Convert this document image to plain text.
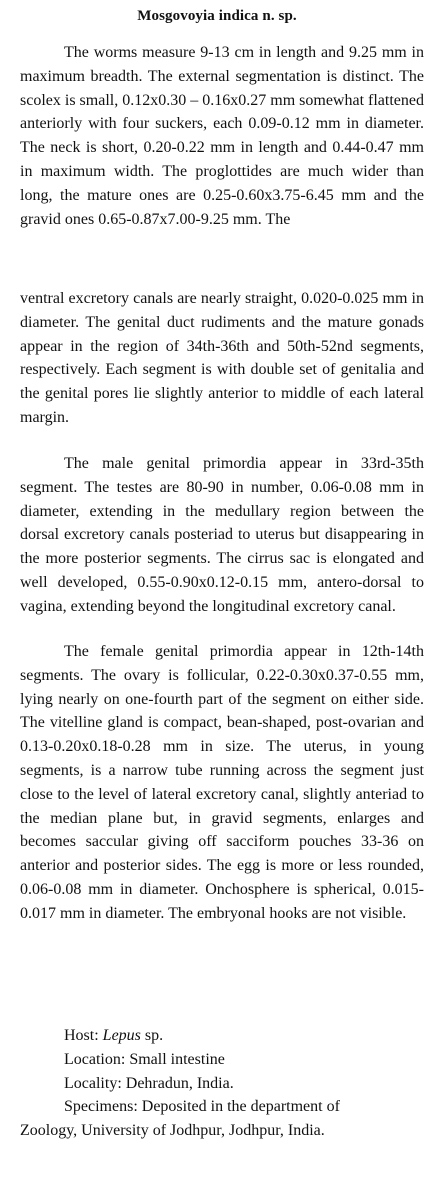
Mosgovoyia indica n. sp.

The worms measure 9-13 cm in length and 9.25 mm in maximum breadth. The external segmentation is distinct. The scolex is small, 0.12x0.30 – 0.16x0.27 mm somewhat flattened anteriorly with four suckers, each 0.09-0.12 mm in diameter. The neck is short, 0.20-0.22 mm in length and 0.44-0.47 mm in maximum width. The proglottides are much wider than long, the mature ones are 0.25-0.60x3.75-6.45 mm and the gravid ones 0.65-0.87x7.00-9.25 mm. The

ventral excretory canals are nearly straight, 0.020-0.025 mm in diameter. The genital duct rudiments and the mature gonads appear in the region of 34th-36th and 50th-52nd segments, respectively. Each segment is with double set of genitalia and the genital pores lie slightly anterior to middle of each lateral margin.

The male genital primordia appear in 33rd-35th segment. The testes are 80-90 in number, 0.06-0.08 mm in diameter, extending in the medullary region between the dorsal excretory canals posteriad to uterus but disappearing in the more posterior segments. The cirrus sac is elongated and well developed, 0.55-0.90x0.12-0.15 mm, antero-dorsal to vagina, extending beyond the longitudinal excretory canal.

The female genital primordia appear in 12th-14th segments. The ovary is follicular, 0.22-0.30x0.37-0.55 mm, lying nearly on one-fourth part of the segment on either side. The vitelline gland is compact, bean-shaped, post-ovarian and 0.13-0.20x0.18-0.28 mm in size. The uterus, in young segments, is a narrow tube running across the segment just close to the level of lateral excretory canal, slightly anteriad to the median plane but, in gravid segments, enlarges and becomes saccular giving off sacciform pouches 33-36 on anterior and posterior sides. The egg is more or less rounded, 0.06-0.08 mm in diameter. Onchosphere is spherical, 0.015-0.017 mm in diameter. The embryonal hooks are not visible.

Host: Lepus sp.
Location: Small intestine
Locality: Dehradun, India.
Specimens: Deposited in the department of
Zoology, University of Jodhpur, Jodhpur, India.
